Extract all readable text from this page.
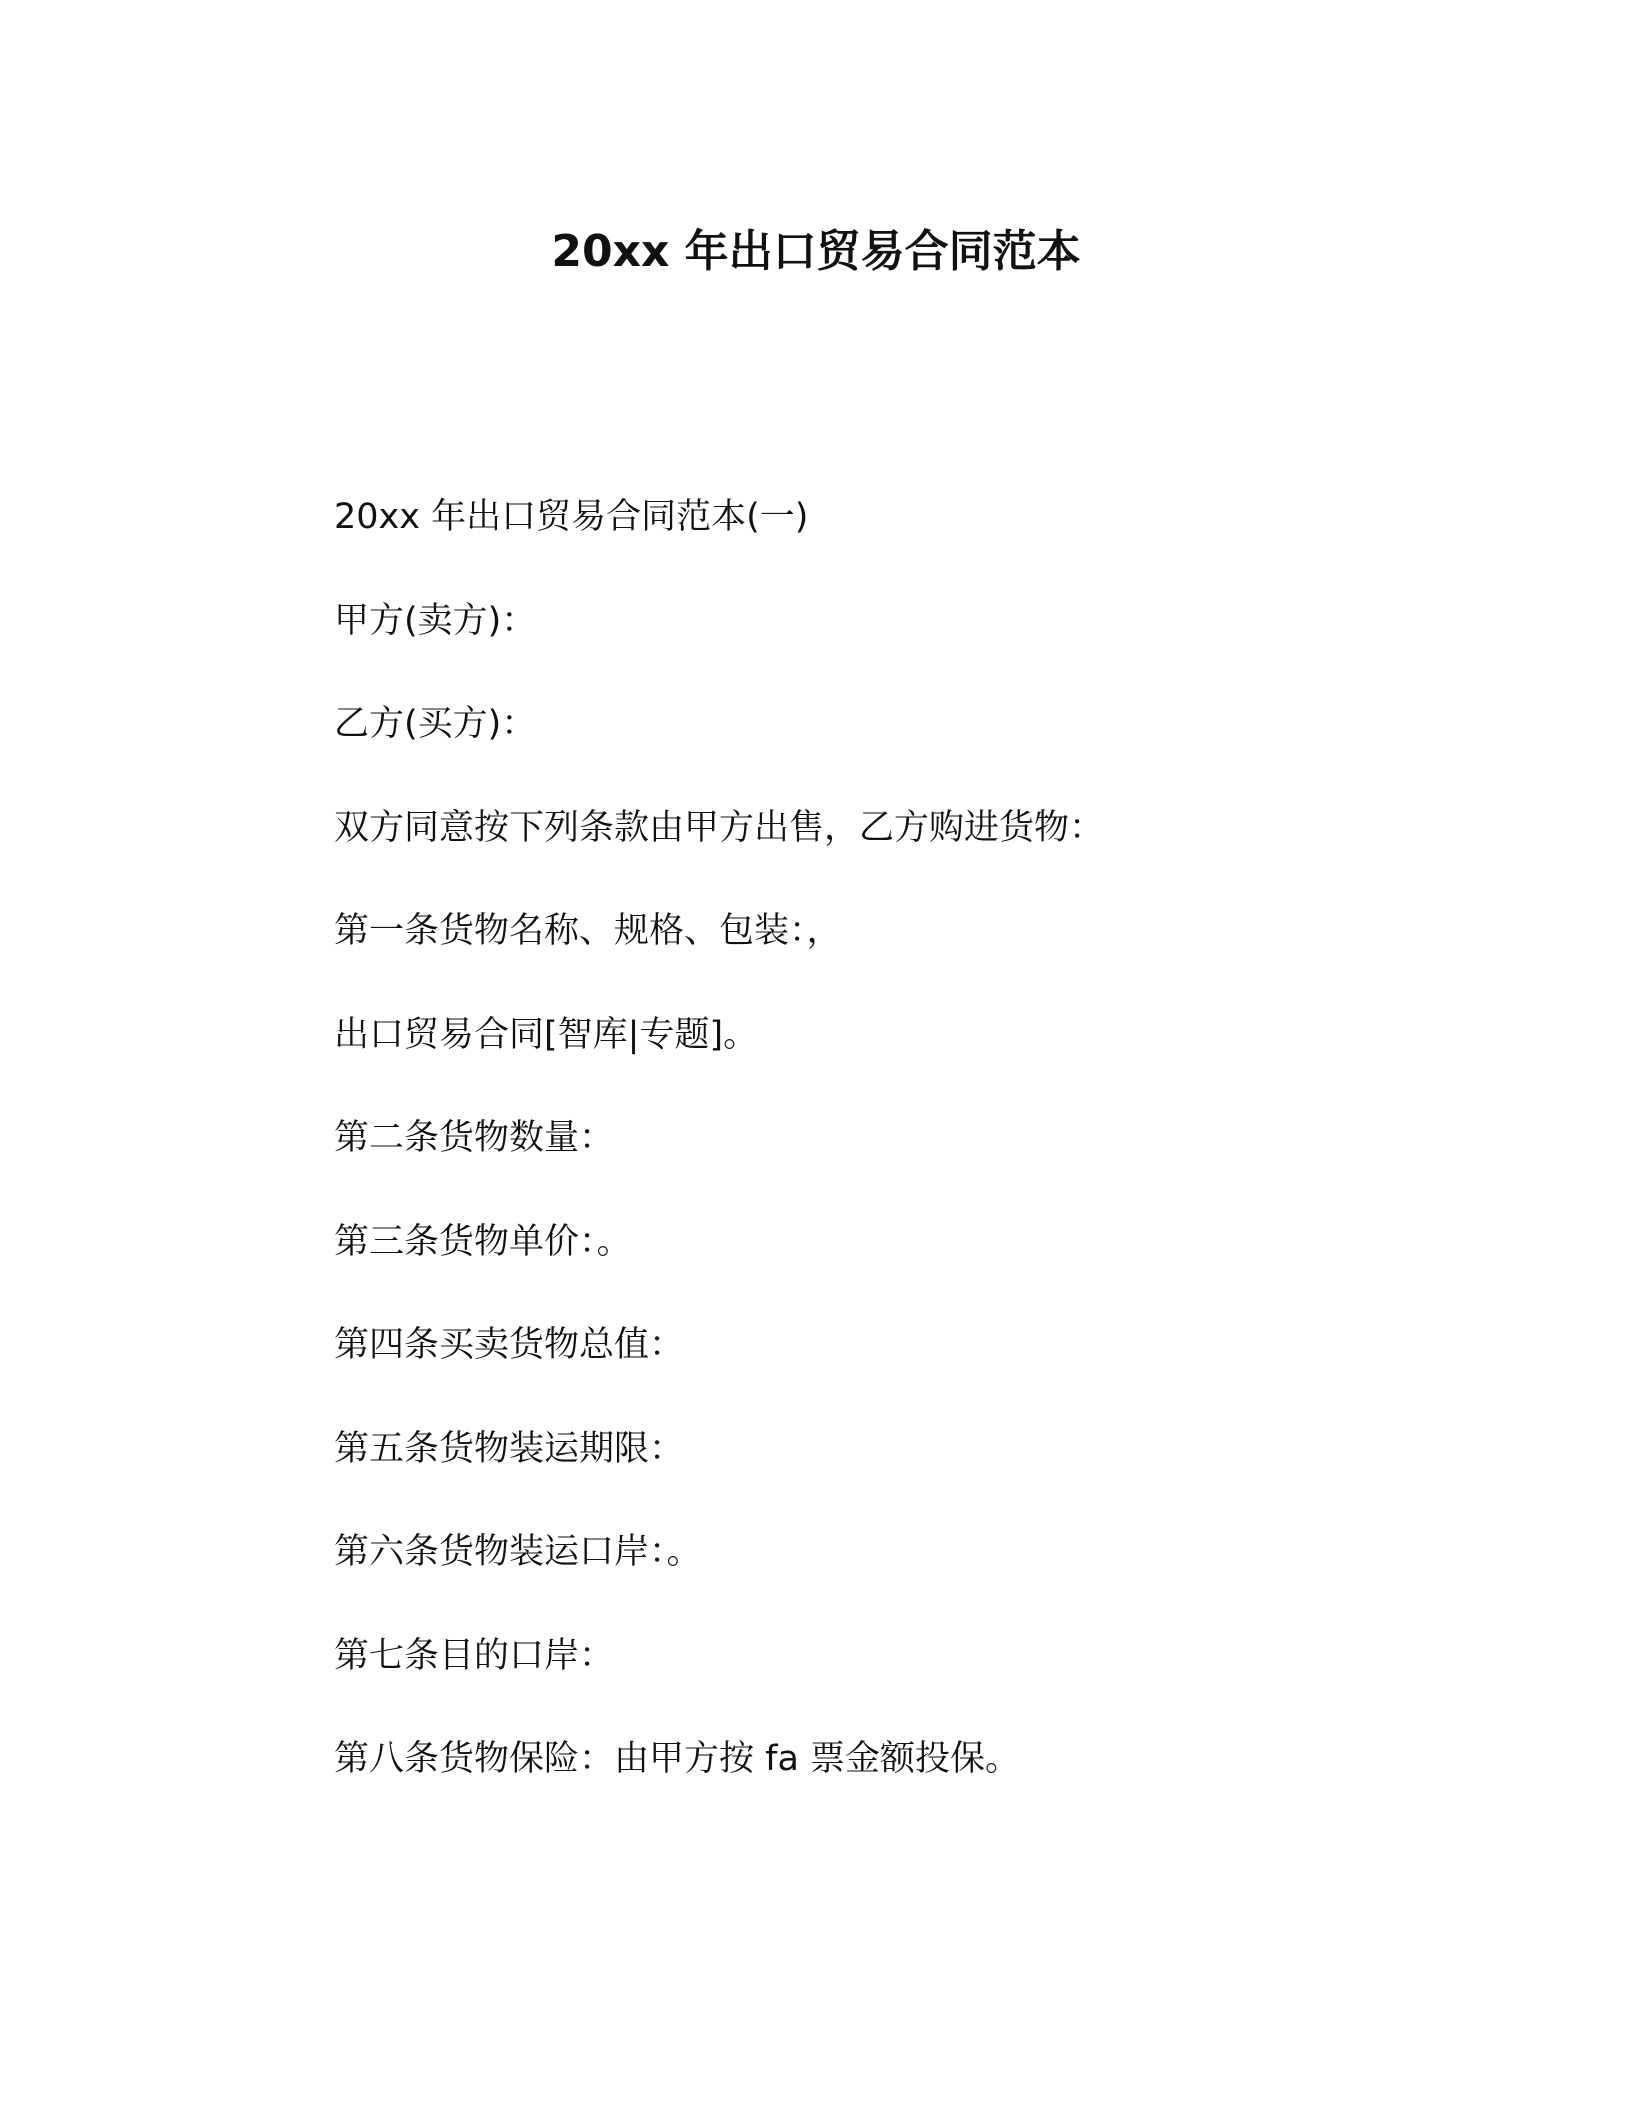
20xx 年出口贸易合同范本
20xx 年出口贸易合同范本(一)
甲方(卖方)：
乙方(买方)：
双方同意按下列条款由甲方出售，乙方购进货物：
第一条货物名称、规格、包装：，
出口贸易合同[智库|专题]。
第二条货物数量：
第三条货物单价：。
第四条买卖货物总值：
第五条货物装运期限：
第六条货物装运口岸：。
第七条目的口岸：
第八条货物保险：由甲方按 fa 票金额投保。
